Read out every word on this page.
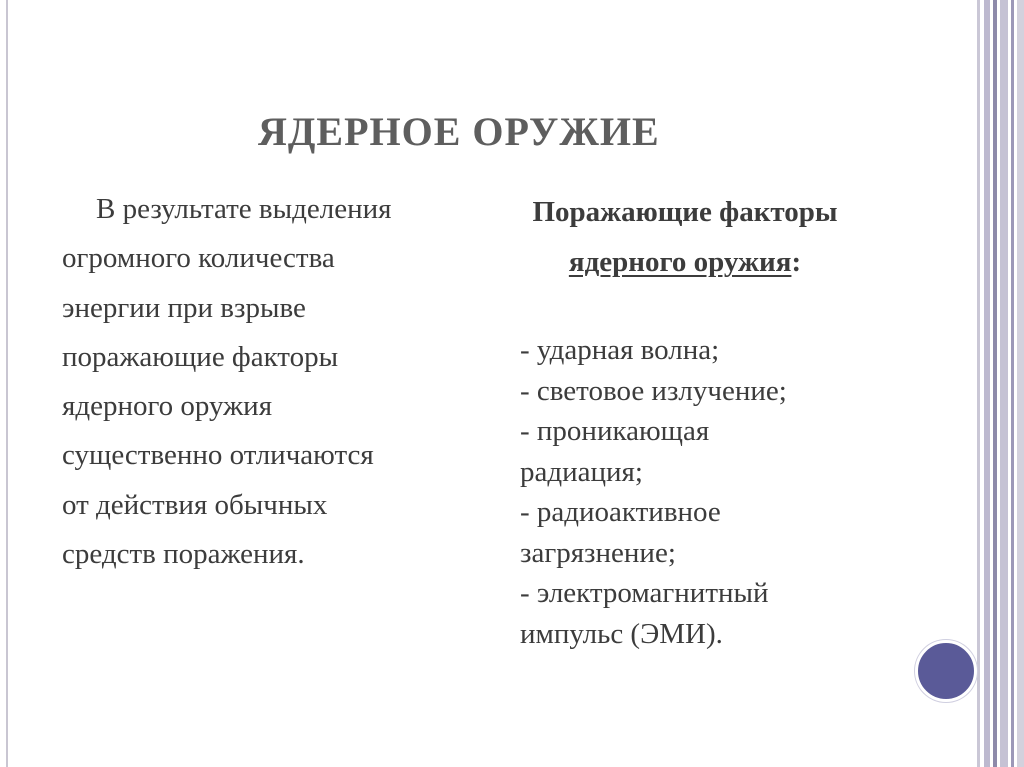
ЯДЕРНОЕ ОРУЖИЕ
В результате выделения
огромного количества
энергии при взрыве
поражающие факторы
ядерного оружия
существенно отличаются
от действия обычных
средств поражения.
Поражающие факторы
ядерного оружия:
- ударная волна;
- световое излучение;
- проникающая
радиация;
- радиоактивное
загрязнение;
- электромагнитный
импульс (ЭМИ).
